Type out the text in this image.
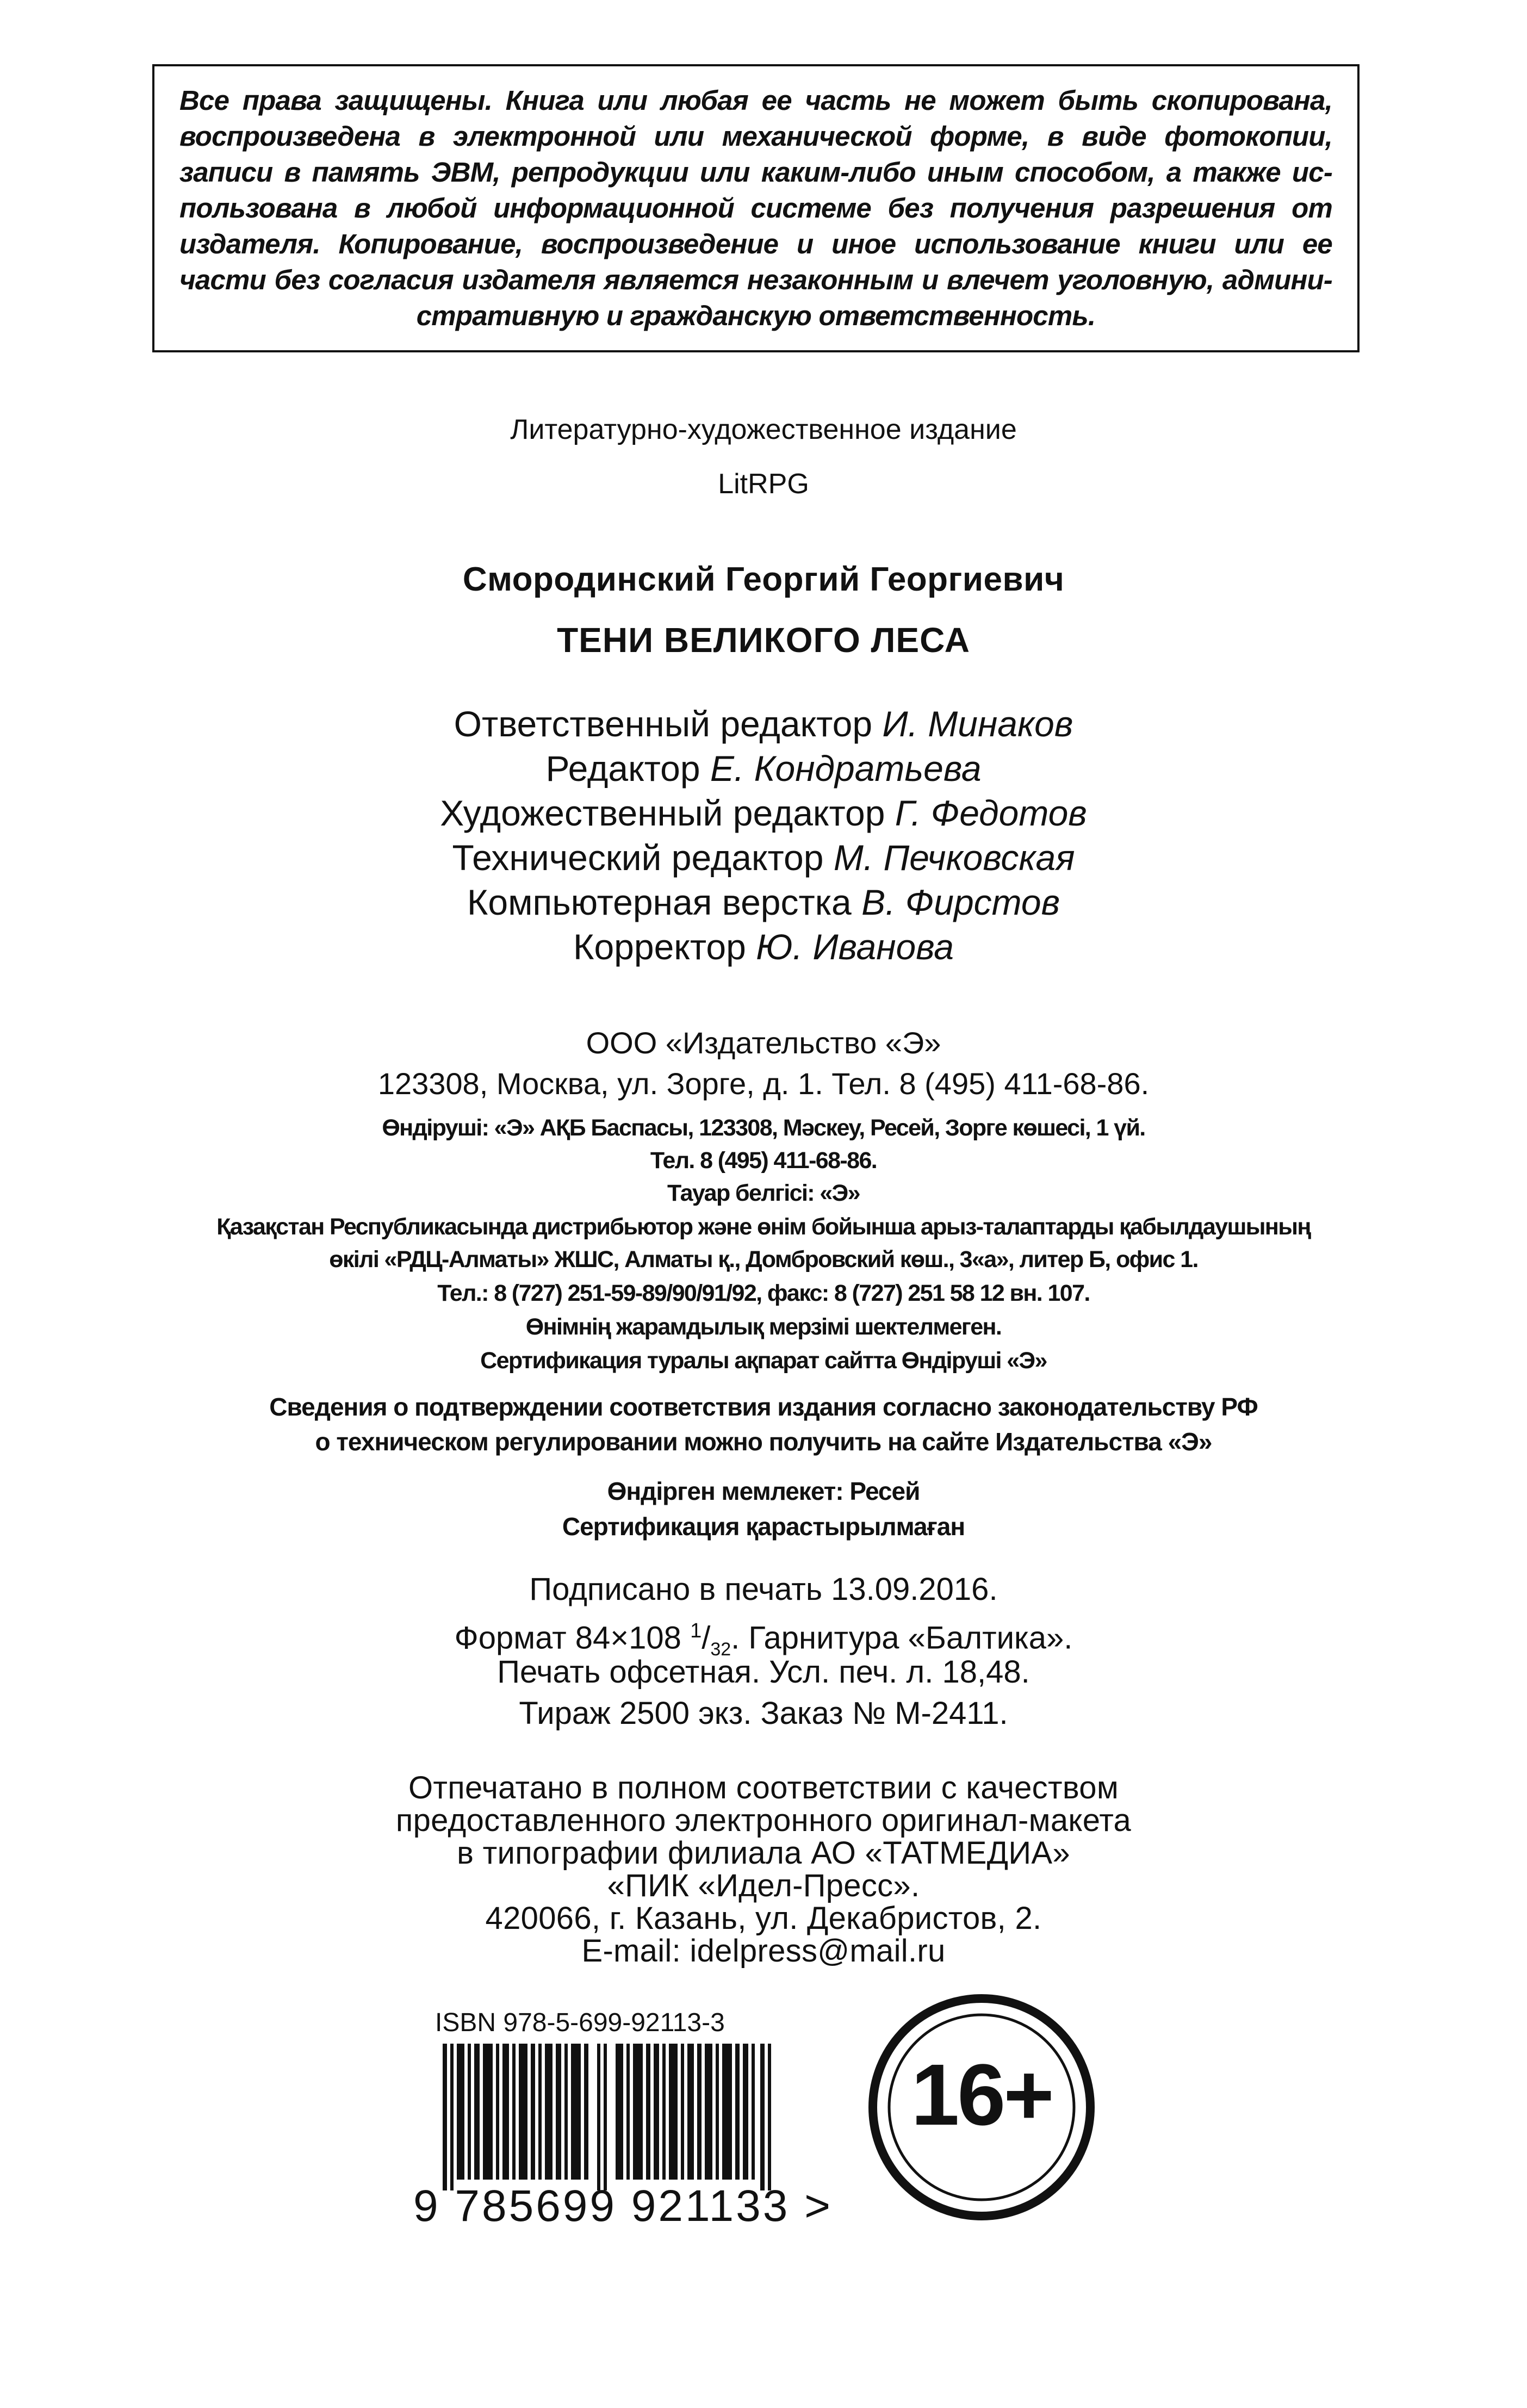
Все права защищены. Книга или любая ее часть не может быть скопирована,
воспроизведена в электронной или механической форме, в виде фотокопии,
записи в память ЭВМ, репродукции или каким-либо иным способом, а также ис-
пользована в любой информационной системе без получения разрешения от
издателя. Копирование, воспроизведение и иное использование книги или ее
части без согласия издателя является незаконным и влечет уголовную, админи-
стративную и гражданскую ответственность.
Литературно-художественное издание
LitRPG
Смородинский Георгий Георгиевич
ТЕНИ ВЕЛИКОГО ЛЕСА
Ответственный редактор И. Минаков
Редактор Е. Кондратьева
Художественный редактор Г. Федотов
Технический редактор М. Печковская
Компьютерная верстка В. Фирстов
Корректор Ю. Иванова
ООО «Издательство «Э»
123308, Москва, ул. Зорге, д. 1. Тел. 8 (495) 411-68-86.
Өндіруші: «Э» АҚБ Баспасы, 123308, Мәскеу, Ресей, Зорге көшесі, 1 үй.
Тел. 8 (495) 411-68-86.
Тауар белгісі: «Э»
Қазақстан Республикасында дистрибьютор және өнім бойынша арыз-талаптарды қабылдаушының
өкілі «РДЦ-Алматы» ЖШС, Алматы қ., Домбровский көш., 3«а», литер Б, офис 1.
Тел.: 8 (727) 251-59-89/90/91/92, факс: 8 (727) 251 58 12 вн. 107.
Өнімнің жарамдылық мерзімі шектелмеген.
Сертификация туралы ақпарат сайтта Өндіруші «Э»
Сведения о подтверждении соответствия издания согласно законодательству РФ
о техническом регулировании можно получить на сайте Издательства «Э»
Өндірген мемлекет: Ресей
Сертификация қарастырылмаған
Подписано в печать 13.09.2016.
Формат 84×108 $^1/_{32}$. Гарнитура «Балтика».
Печать офсетная. Усл. печ. л. 18,48.
Тираж 2500 экз. Заказ № М-2411.
Отпечатано в полном соответствии с качеством
предоставленного электронного оригинал-макета
в типографии филиала АО «ТАТМЕДИА»
«ПИК «Идел-Пресс».
420066, г. Казань, ул. Декабристов, 2.
E-mail: idelpress@mail.ru
ISBN 978-5-699-92113-3
9 785699 921133 >
16+
